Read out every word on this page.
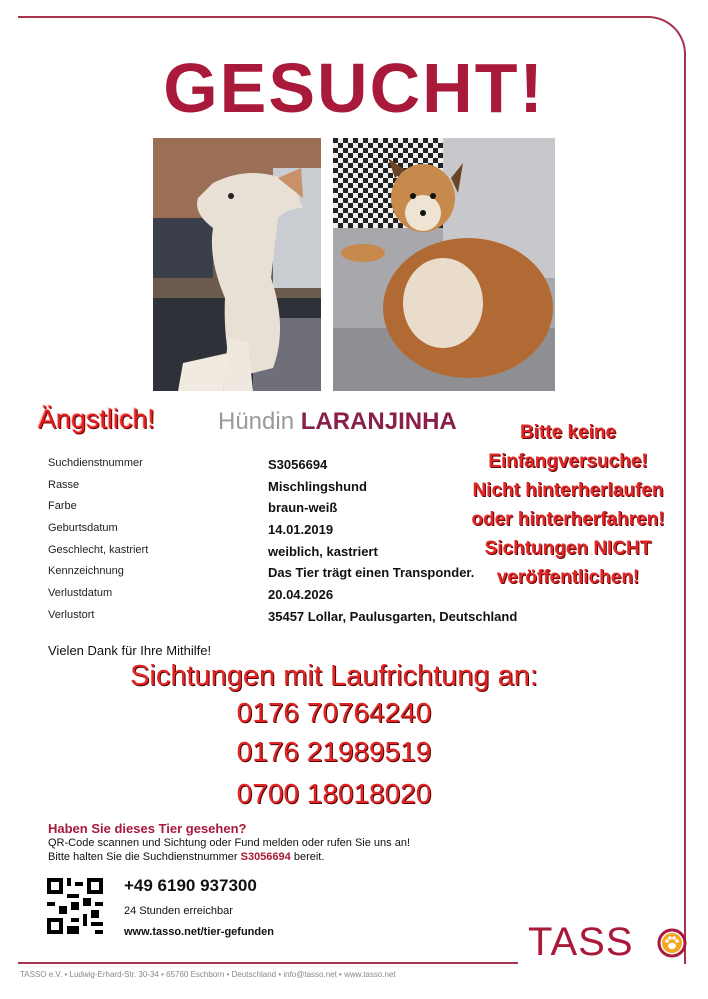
GESUCHT!
Ängstlich!	Hündin LARANJINHA	Bitte keine
Einfangversuche!
Nicht hinterherlaufen
oder hinterherfahren!
Sichtungen NICHT
veröffentlichen!
Suchdienstnummer	S3056694
Rasse	Mischlingshund
Farbe	braun-weiß
Geburtsdatum	14.01.2019
Geschlecht, kastriert	weiblich, kastriert
Kennzeichnung	Das Tier trägt einen Transponder.
Verlustdatum	20.04.2026
Verlustort	35457 Lollar, Paulusgarten, Deutschland
Vielen Dank für Ihre Mithilfe!
Sichtungen mit Laufrichtung an:
0176 70764240
0176 21989519
0700 18018020
Haben Sie dieses Tier gesehen?
QR-Code scannen und Sichtung oder Fund melden oder rufen Sie uns an!
Bitte halten Sie die Suchdienstnummer S3056694 bereit.
+49 6190 937300
24 Stunden erreichbar
www.tasso.net/tier-gefunden	TASS
TASSO e.V. • Ludwig-Erhard-Str. 30-34 • 65760 Eschborn • Deutschland • info@tasso.net • www.tasso.net
